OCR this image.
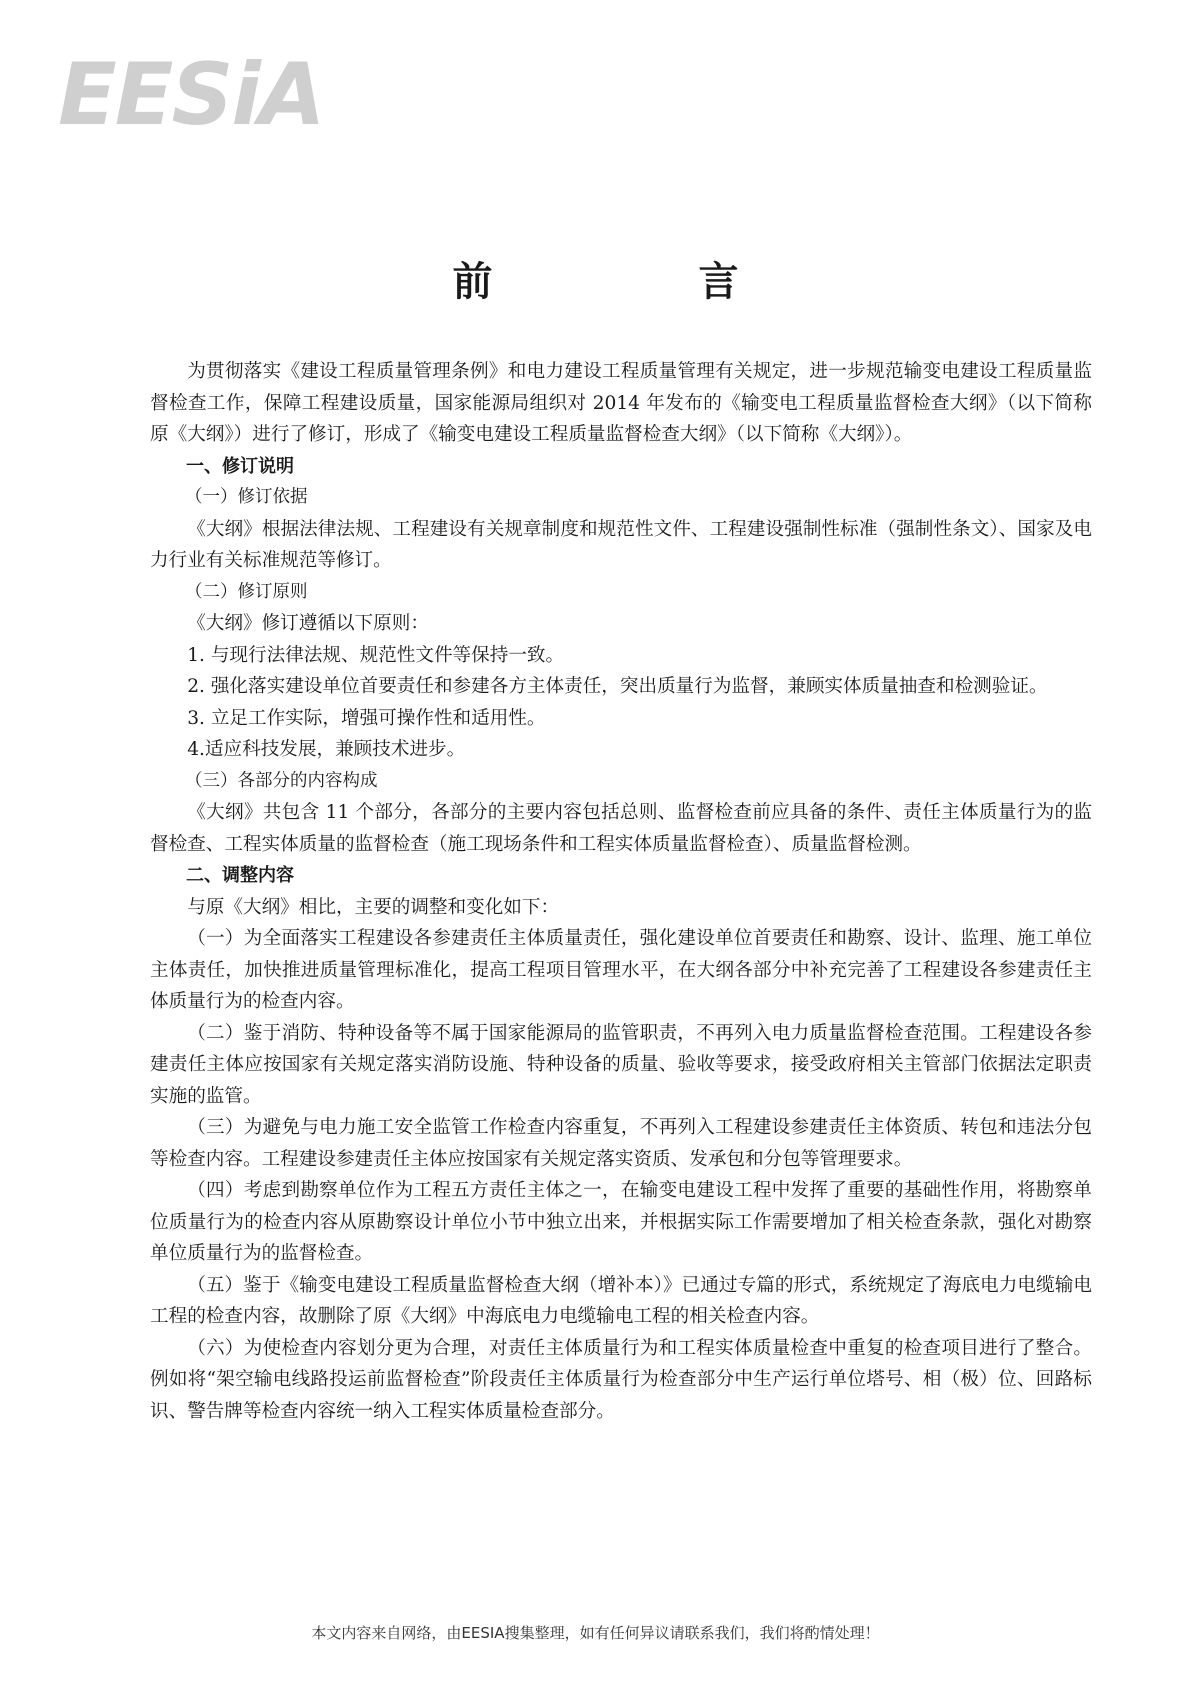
EESiA
前 言

为贯彻落实《建设工程质量管理条例》和电力建设工程质量管理有关规定，进一步规范输变电建设工程质量监督检查工作，保障工程建设质量，国家能源局组织对 2014 年发布的《输变电工程质量监督检查大纲》（以下简称原《大纲》）进行了修订，形成了《输变电建设工程质量监督检查大纲》（以下简称《大纲》）。

一、修订说明

（一）修订依据

《大纲》根据法律法规、工程建设有关规章制度和规范性文件、工程建设强制性标准（强制性条文）、国家及电力行业有关标准规范等修订。

（二）修订原则

《大纲》修订遵循以下原则：

1. 与现行法律法规、规范性文件等保持一致。

2. 强化落实建设单位首要责任和参建各方主体责任，突出质量行为监督，兼顾实体质量抽查和检测验证。

3. 立足工作实际，增强可操作性和适用性。

4.适应科技发展，兼顾技术进步。

（三）各部分的内容构成

《大纲》共包含 11 个部分，各部分的主要内容包括总则、监督检查前应具备的条件、责任主体质量行为的监督检查、工程实体质量的监督检查（施工现场条件和工程实体质量监督检查）、质量监督检测。

二、调整内容

与原《大纲》相比，主要的调整和变化如下：

（一）为全面落实工程建设各参建责任主体质量责任，强化建设单位首要责任和勘察、设计、监理、施工单位主体责任，加快推进质量管理标准化，提高工程项目管理水平，在大纲各部分中补充完善了工程建设各参建责任主体质量行为的检查内容。

（二）鉴于消防、特种设备等不属于国家能源局的监管职责，不再列入电力质量监督检查范围。工程建设各参建责任主体应按国家有关规定落实消防设施、特种设备的质量、验收等要求，接受政府相关主管部门依据法定职责实施的监管。

（三）为避免与电力施工安全监管工作检查内容重复，不再列入工程建设参建责任主体资质、转包和违法分包等检查内容。工程建设参建责任主体应按国家有关规定落实资质、发承包和分包等管理要求。

（四）考虑到勘察单位作为工程五方责任主体之一，在输变电建设工程中发挥了重要的基础性作用，将勘察单位质量行为的检查内容从原勘察设计单位小节中独立出来，并根据实际工作需要增加了相关检查条款，强化对勘察单位质量行为的监督检查。

（五）鉴于《输变电建设工程质量监督检查大纲（增补本）》已通过专篇的形式，系统规定了海底电力电缆输电工程的检查内容，故删除了原《大纲》中海底电力电缆输电工程的相关检查内容。

（六）为使检查内容划分更为合理，对责任主体质量行为和工程实体质量检查中重复的检查项目进行了整合。例如将“架空输电线路投运前监督检查”阶段责任主体质量行为检查部分中生产运行单位塔号、相（极）位、回路标识、警告牌等检查内容统一纳入工程实体质量检查部分。

本文内容来自网络，由EESIA搜集整理，如有任何异议请联系我们，我们将酌情处理！
